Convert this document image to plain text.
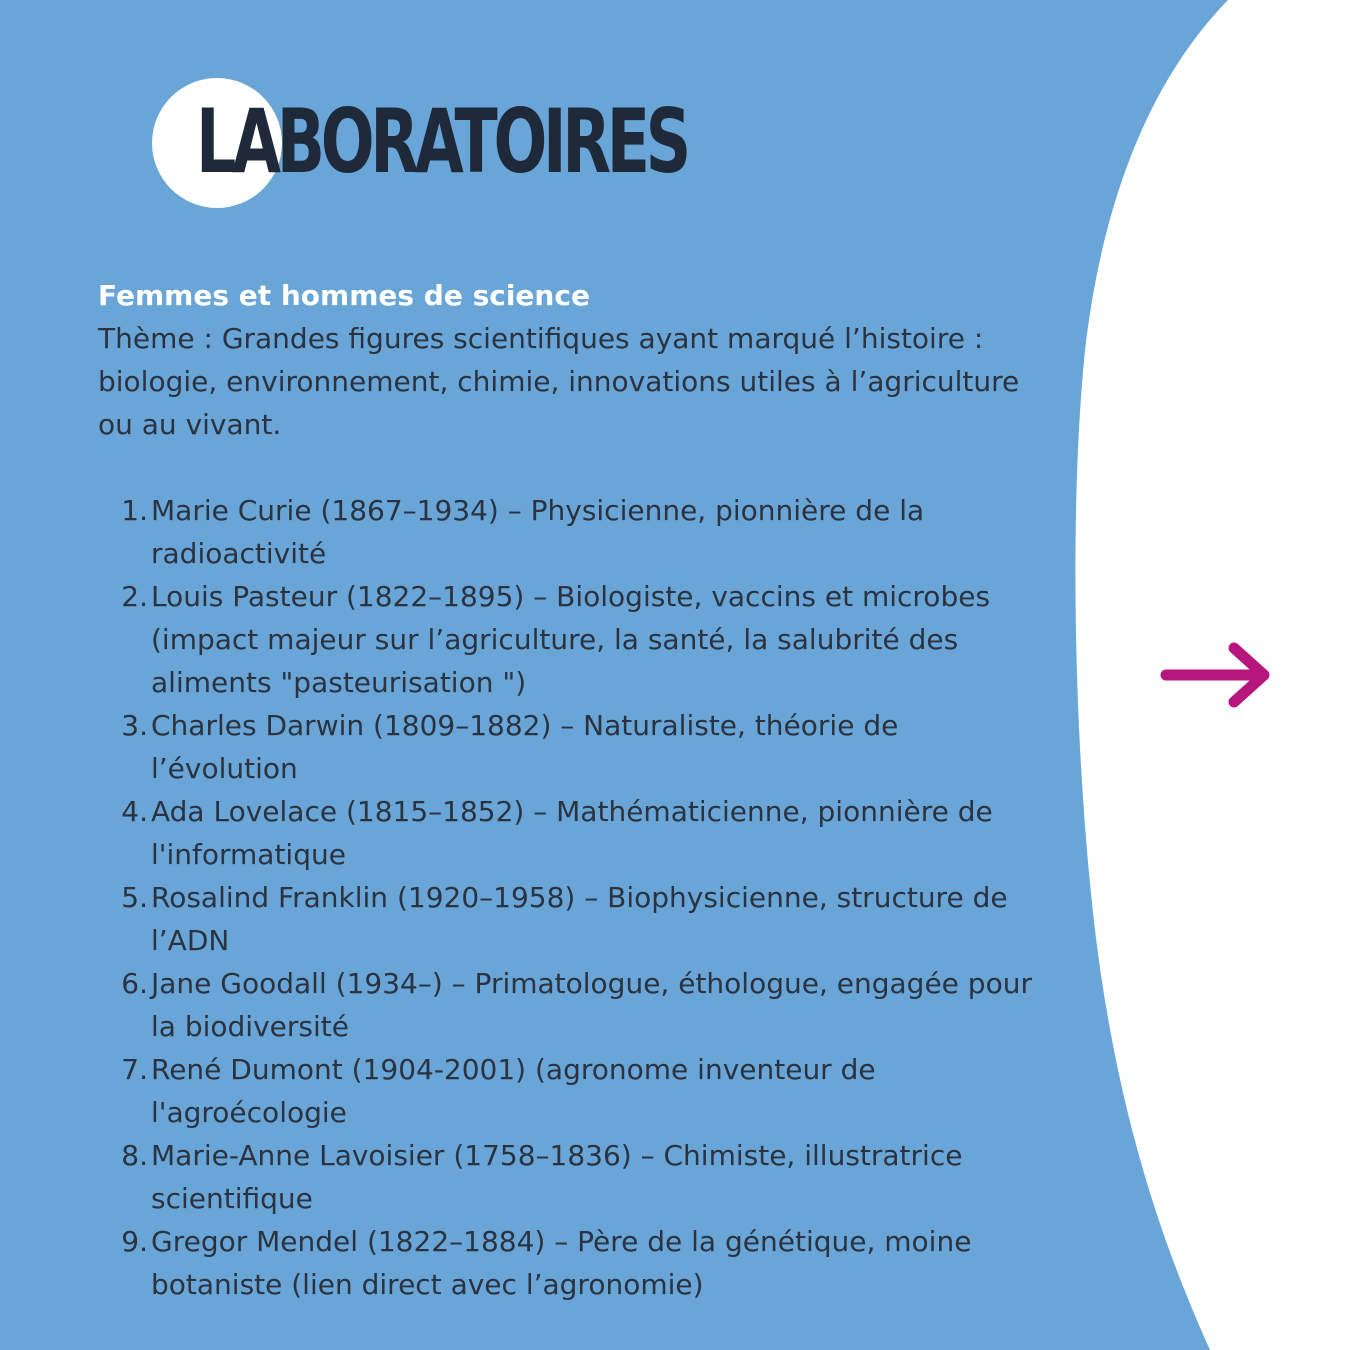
LABORATOIRES

Femmes et hommes de science

Thème : Grandes figures scientifiques ayant marqué l’histoire : biologie, environnement, chimie, innovations utiles à l’agriculture ou au vivant.

1. Marie Curie (1867–1934) – Physicienne, pionnière de la radioactivité
2. Louis Pasteur (1822–1895) – Biologiste, vaccins et microbes (impact majeur sur l’agriculture, la santé, la salubrité des aliments "pasteurisation ")
3. Charles Darwin (1809–1882) – Naturaliste, théorie de l’évolution
4. Ada Lovelace (1815–1852) – Mathématicienne, pionnière de l'informatique
5. Rosalind Franklin (1920–1958) – Biophysicienne, structure de l’ADN
6. Jane Goodall (1934–) – Primatologue, éthologue, engagée pour la biodiversité
7. René Dumont (1904-2001) (agronome inventeur de l'agroécologie
8. Marie-Anne Lavoisier (1758–1836) – Chimiste, illustratrice scientifique
9. Gregor Mendel (1822–1884) – Père de la génétique, moine botaniste (lien direct avec l’agronomie)
